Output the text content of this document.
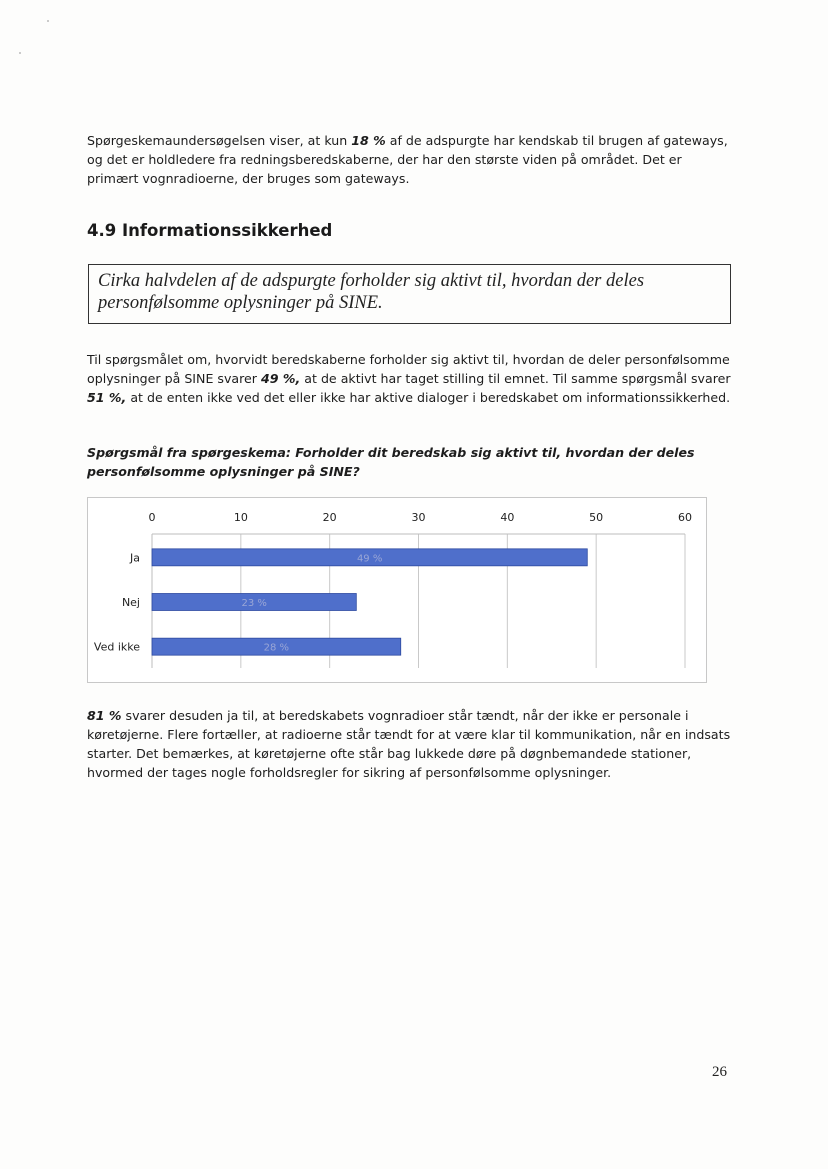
Spørgeskemaundersøgelsen viser, at kun 18 % af de adspurgte har kendskab til brugen af gateways, og det er holdledere fra redningsberedskaberne, der har den største viden på området. Det er primært vognradioerne, der bruges som gateways.

4.9 Informationssikkerhed
Cirka halvdelen af de adspurgte forholder sig aktivt til, hvordan der deles personfølsomme oplysninger på SINE.

Til spørgsmålet om, hvorvidt beredskaberne forholder sig aktivt til, hvordan de deler personfølsomme oplysninger på SINE svarer 49 %, at de aktivt har taget stilling til emnet. Til samme spørgsmål svarer 51 %, at de enten ikke ved det eller ikke har aktive dialoger i beredskabet om informationssikkerhed.

Spørgsmål fra spørgeskema: Forholder dit beredskab sig aktivt til, hvordan der deles personfølsomme oplysninger på SINE?

0	10	20	30	40	50	60
Ja	49 %
Nej	23 %
Ved ikke	28 %

81 % svarer desuden ja til, at beredskabets vognradioer står tændt, når der ikke er personale i køretøjerne. Flere fortæller, at radioerne står tændt for at være klar til kommunikation, når en indsats starter. Det bemærkes, at køretøjerne ofte står bag lukkede døre på døgnbemandede stationer, hvormed der tages nogle forholdsregler for sikring af personfølsomme oplysninger.

26
